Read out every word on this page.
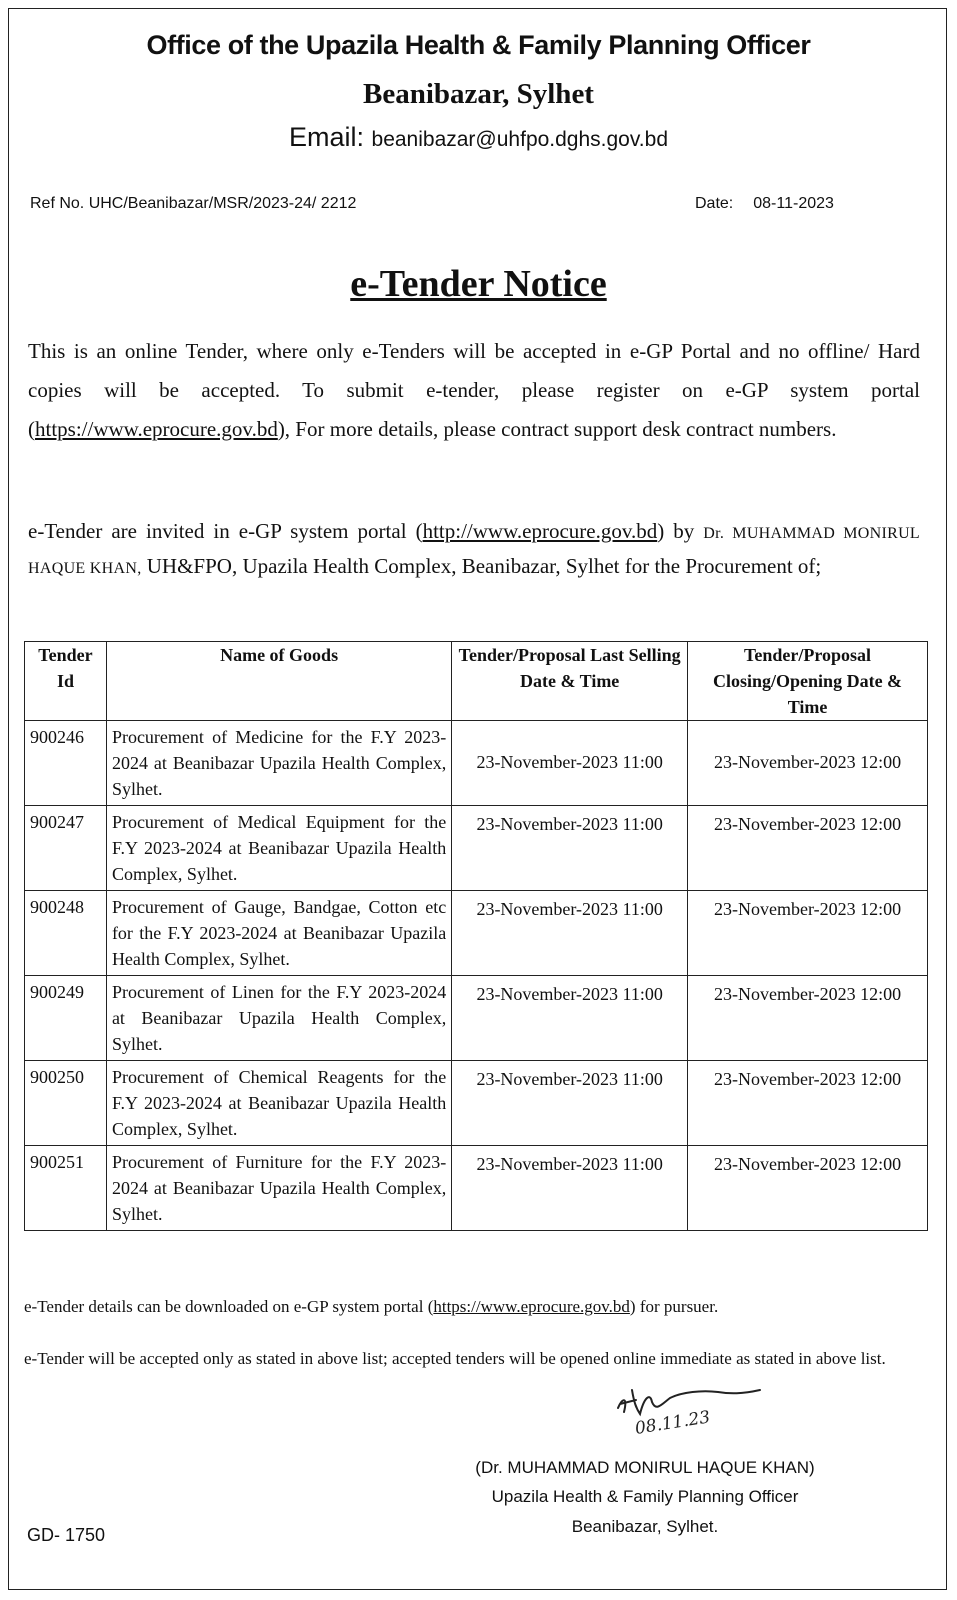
Office of the Upazila Health & Family Planning Officer
Beanibazar, Sylhet
Email: beanibazar@uhfpo.dghs.gov.bd
Ref No. UHC/Beanibazar/MSR/2023-24/ 2212	Date: 08-11-2023
e-Tender Notice
This is an online Tender, where only e-Tenders will be accepted in e-GP Portal and no offline/ Hard copies will be accepted. To submit e-tender, please register on e-GP system portal (https://www.eprocure.gov.bd), For more details, please contract support desk contract numbers.
e-Tender are invited in e-GP system portal (http://www.eprocure.gov.bd) by Dr. MUHAMMAD MONIRUL HAQUE KHAN, UH&FPO, Upazila Health Complex, Beanibazar, Sylhet for the Procurement of;
Tender Id	Name of Goods	Tender/Proposal Last Selling Date & Time	Tender/Proposal Closing/Opening Date & Time
900246	Procurement of Medicine for the F.Y 2023-2024 at Beanibazar Upazila Health Complex, Sylhet.	23-November-2023 11:00	23-November-2023 12:00
900247	Procurement of Medical Equipment for the F.Y 2023-2024 at Beanibazar Upazila Health Complex, Sylhet.	23-November-2023 11:00	23-November-2023 12:00
900248	Procurement of Gauge, Bandgae, Cotton etc for the F.Y 2023-2024 at Beanibazar Upazila Health Complex, Sylhet.	23-November-2023 11:00	23-November-2023 12:00
900249	Procurement of Linen for the F.Y 2023-2024 at Beanibazar Upazila Health Complex, Sylhet.	23-November-2023 11:00	23-November-2023 12:00
900250	Procurement of Chemical Reagents for the F.Y 2023-2024 at Beanibazar Upazila Health Complex, Sylhet.	23-November-2023 11:00	23-November-2023 12:00
900251	Procurement of Furniture for the F.Y 2023-2024 at Beanibazar Upazila Health Complex, Sylhet.	23-November-2023 11:00	23-November-2023 12:00
e-Tender details can be downloaded on e-GP system portal (https://www.eprocure.gov.bd) for pursuer.
e-Tender will be accepted only as stated in above list; accepted tenders will be opened online immediate as stated in above list.
08.11.23
(Dr. MUHAMMAD MONIRUL HAQUE KHAN)
Upazila Health & Family Planning Officer
Beanibazar, Sylhet.
GD- 1750
